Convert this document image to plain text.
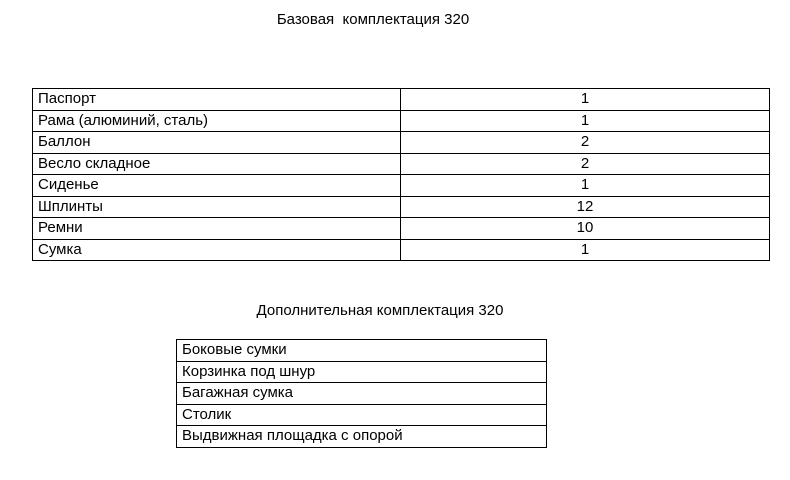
Базовая  комплектация 320
Паспорт	1
Рама (алюминий, сталь)	1
Баллон	2
Весло складное	2
Сиденье	1
Шплинты	12
Ремни	10
Сумка	1
Дополнительная комплектация 320
Боковые сумки
Корзинка под шнур
Багажная сумка
Столик
Выдвижная площадка с опорой
